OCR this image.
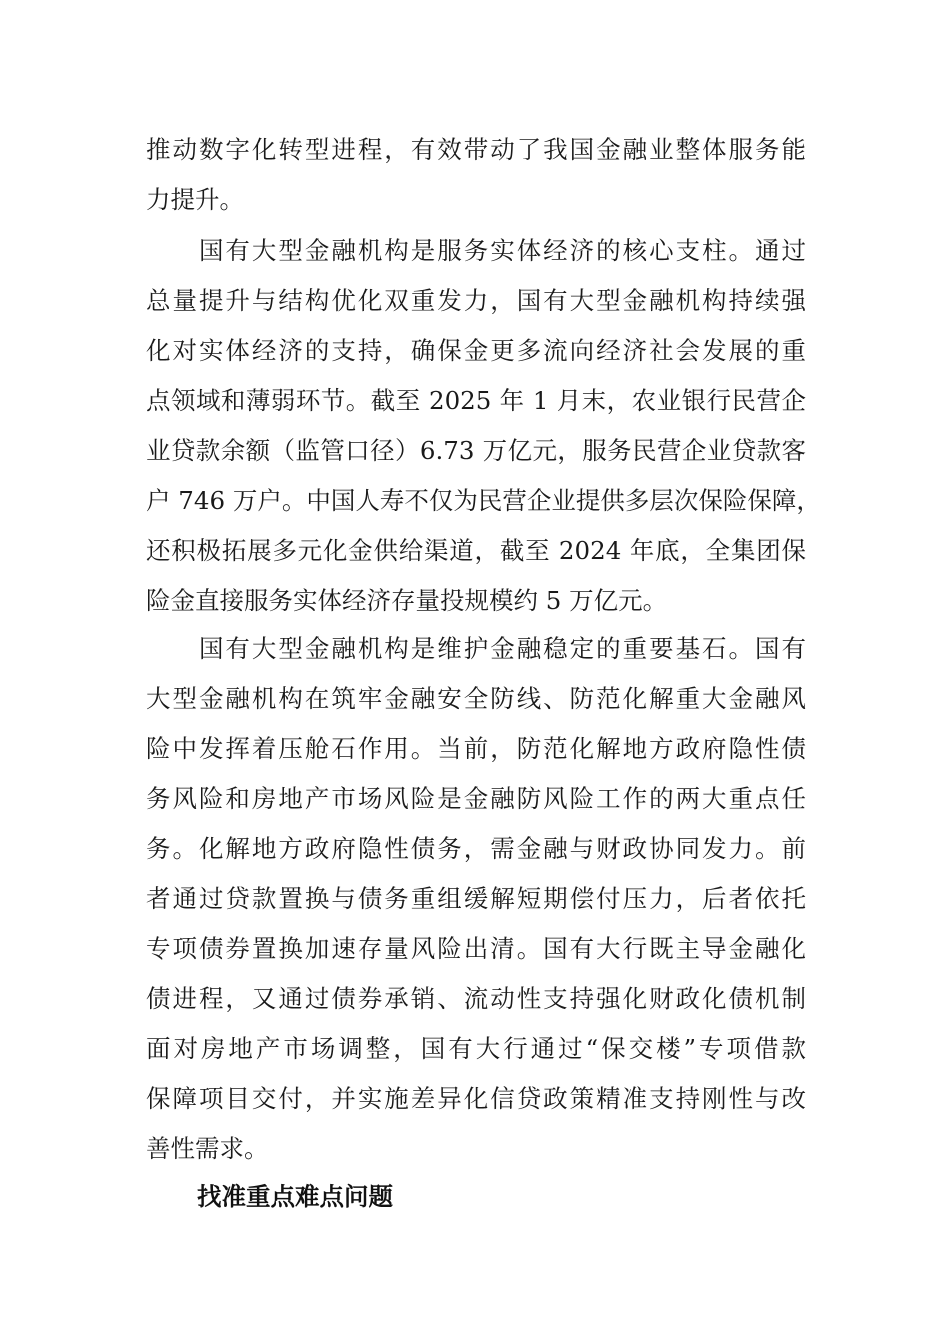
推动数字化转型进程，有效带动了我国金融业整体服务能
力提升。
　　国有大型金融机构是服务实体经济的核心支柱。通过
总量提升与结构优化双重发力，国有大型金融机构持续强
化对实体经济的支持，确保金更多流向经济社会发展的重
点领域和薄弱环节。截至 2025 年 1 月末，农业银行民营企
业贷款余额（监管口径）6.73 万亿元，服务民营企业贷款客
户 746 万户。中国人寿不仅为民营企业提供多层次保险保障，
还积极拓展多元化金供给渠道，截至 2024 年底，全集团保
险金直接服务实体经济存量投规模约 5 万亿元。
　　国有大型金融机构是维护金融稳定的重要基石。国有
大型金融机构在筑牢金融安全防线、防范化解重大金融风
险中发挥着压舱石作用。当前，防范化解地方政府隐性债
务风险和房地产市场风险是金融防风险工作的两大重点任
务。化解地方政府隐性债务，需金融与财政协同发力。前
者通过贷款置换与债务重组缓解短期偿付压力，后者依托
专项债券置换加速存量风险出清。国有大行既主导金融化
债进程，又通过债券承销、流动性支持强化财政化债机制
面对房地产市场调整，国有大行通过“保交楼”专项借款
保障项目交付，并实施差异化信贷政策精准支持刚性与改
善性需求。
找准重点难点问题
